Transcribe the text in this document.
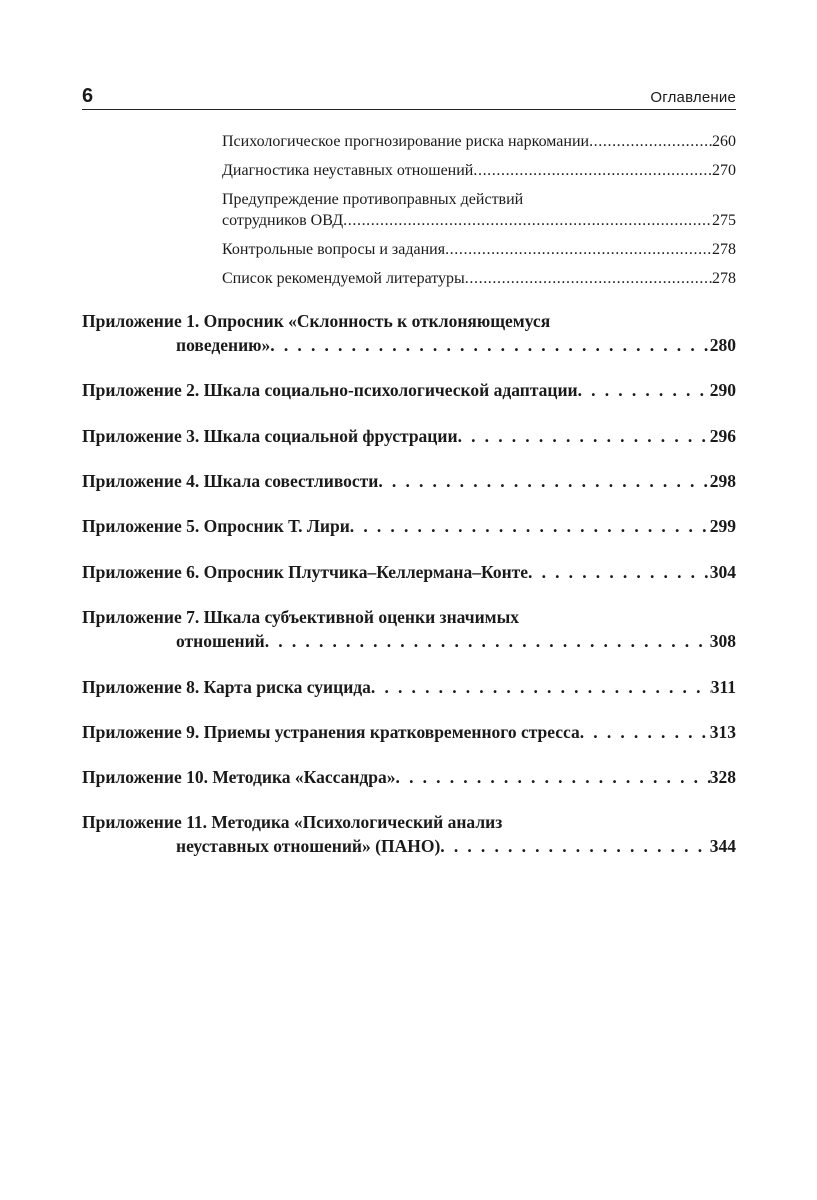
6	Оглавление
Психологическое прогнозирование риска наркомании .....	260
Диагностика неуставных отношений .....	270
Предупреждение противоправных действий
сотрудников ОВД .....	275
Контрольные вопросы и задания .....	278
Список рекомендуемой литературы .....	278
Приложение 1. Опросник «Склонность к отклоняющемуся
поведению» . . .	280
Приложение 2. Шкала социально-психологической адаптации . . .	290
Приложение 3. Шкала социальной фрустрации . . .	296
Приложение 4. Шкала совестливости . . .	298
Приложение 5. Опросник Т. Лири . . .	299
Приложение 6. Опросник Плутчика–Келлермана–Конте . . .	304
Приложение 7. Шкала субъективной оценки значимых
отношений . . .	308
Приложение 8. Карта риска суицида . . .	311
Приложение 9. Приемы устранения кратковременного стресса . . .	313
Приложение 10. Методика «Кассандра» . . .	328
Приложение 11. Методика «Психологический анализ
неуставных отношений» (ПАНО) . . .	344
